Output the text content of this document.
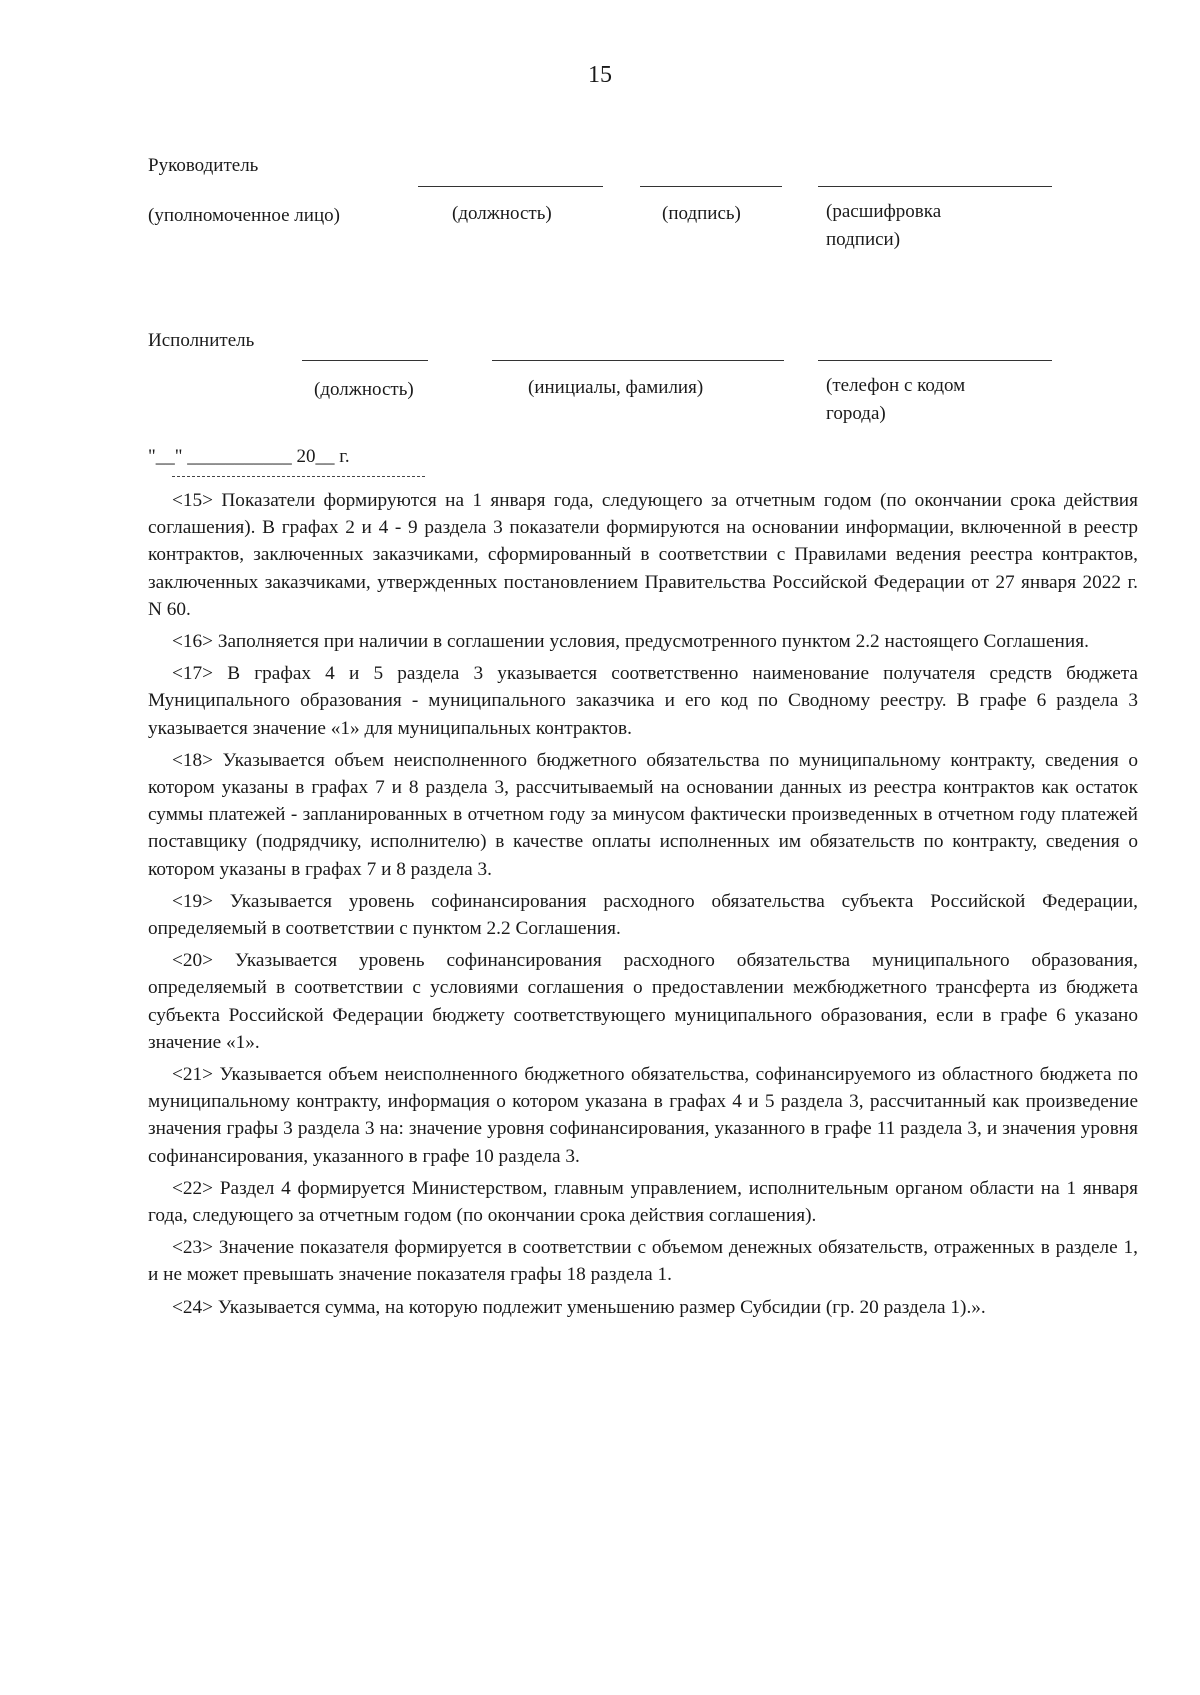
15
Руководитель
(уполномоченное лицо)	(должность)	(подпись)	(расшифровка
подписи)
Исполнитель
(должность)	(инициалы, фамилия)	(телефон с кодом
города)
"__" ___________ 20__ г.

<15> Показатели формируются на 1 января года, следующего за отчетным годом (по окончании срока действия соглашения). В графах 2 и 4 - 9 раздела 3 показатели формируются на основании информации, включенной в реестр контрактов, заключенных заказчиками, сформированный в соответствии с Правилами ведения реестра контрактов, заключенных заказчиками, утвержденных постановлением Правительства Российской Федерации от 27 января 2022 г. N 60.

<16> Заполняется при наличии в соглашении условия, предусмотренного пунктом 2.2 настоящего Соглашения.

<17> В графах 4 и 5 раздела 3 указывается соответственно наименование получателя средств бюджета Муниципального образования - муниципального заказчика и его код по Сводному реестру. В графе 6 раздела 3 указывается значение «1» для муниципальных контрактов.

<18> Указывается объем неисполненного бюджетного обязательства по муниципальному контракту, сведения о котором указаны в графах 7 и 8 раздела 3, рассчитываемый на основании данных из реестра контрактов как остаток суммы платежей - запланированных в отчетном году за минусом фактически произведенных в отчетном году платежей поставщику (подрядчику, исполнителю) в качестве оплаты исполненных им обязательств по контракту, сведения о котором указаны в графах 7 и 8 раздела 3.

<19> Указывается уровень софинансирования расходного обязательства субъекта Российской Федерации, определяемый в соответствии с пунктом 2.2 Соглашения.

<20> Указывается уровень софинансирования расходного обязательства муниципального образования, определяемый в соответствии с условиями соглашения о предоставлении межбюджетного трансферта из бюджета субъекта Российской Федерации бюджету соответствующего муниципального образования, если в графе 6 указано значение «1».

<21> Указывается объем неисполненного бюджетного обязательства, софинансируемого из областного бюджета по муниципальному контракту, информация о котором указана в графах 4 и 5 раздела 3, рассчитанный как произведение значения графы 3 раздела 3 на: значение уровня софинансирования, указанного в графе 11 раздела 3, и значения уровня софинансирования, указанного в графе 10 раздела 3.

<22> Раздел 4 формируется Министерством, главным управлением, исполнительным органом области на 1 января года, следующего за отчетным годом (по окончании срока действия соглашения).

<23> Значение показателя формируется в соответствии с объемом денежных обязательств, отраженных в разделе 1, и не может превышать значение показателя графы 18 раздела 1.

<24> Указывается сумма, на которую подлежит уменьшению размер Субсидии (гр. 20 раздела 1).».
